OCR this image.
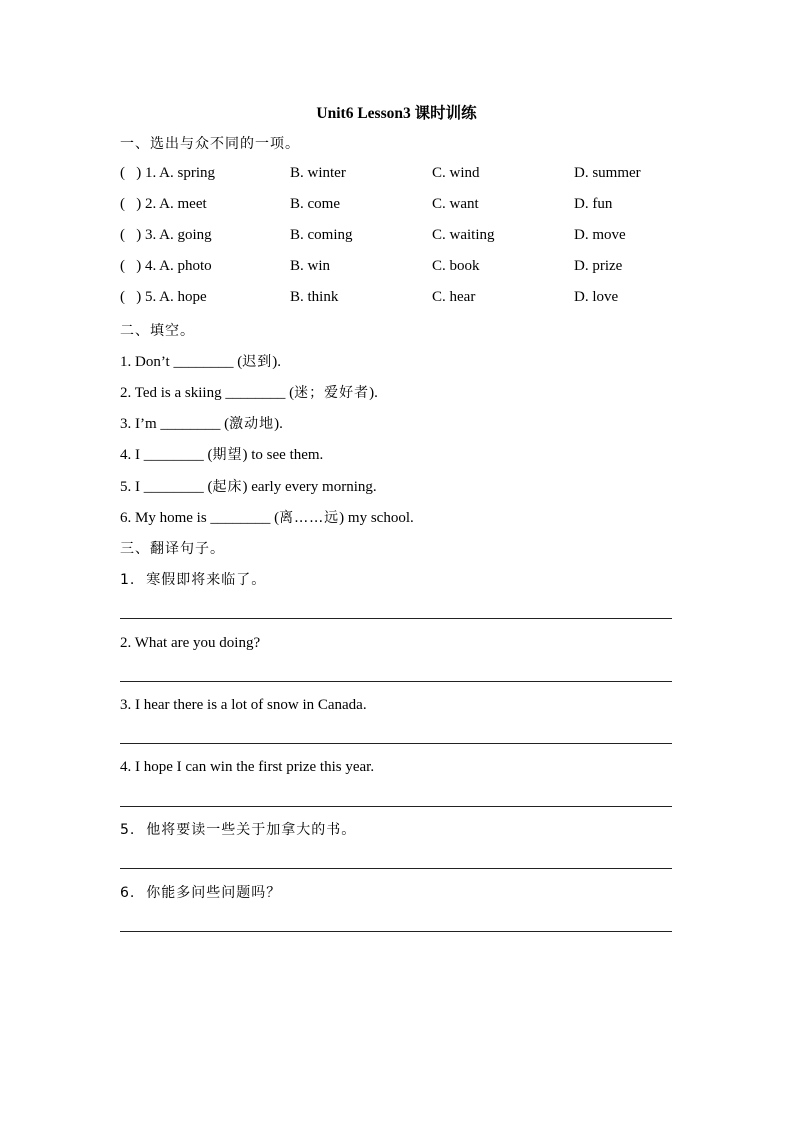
Unit6 Lesson3 课时训练
一、选出与众不同的一项。
(   ) 1. A. spring	B. winter	C. wind	D. summer
(   ) 2. A. meet	B. come	C. want	D. fun
(   ) 3. A. going	B. coming	C. waiting	D. move
(   ) 4. A. photo	B. win	C. book	D. prize
(   ) 5. A. hope	B. think	C. hear	D. love
二、填空。
1. Don’t ________ (迟到).
2. Ted is a skiing ________ (迷；爱好者).
3. I’m ________ (激动地).
4. I ________ (期望) to see them.
5. I ________ (起床) early every morning.
6. My home is ________ (离……远) my school.
三、翻译句子。
1.  寒假即将来临了。
2. What are you doing?
3. I hear there is a lot of snow in Canada.
4. I hope I can win the first prize this year.
5.  他将要读一些关于加拿大的书。
6.  你能多问些问题吗？
